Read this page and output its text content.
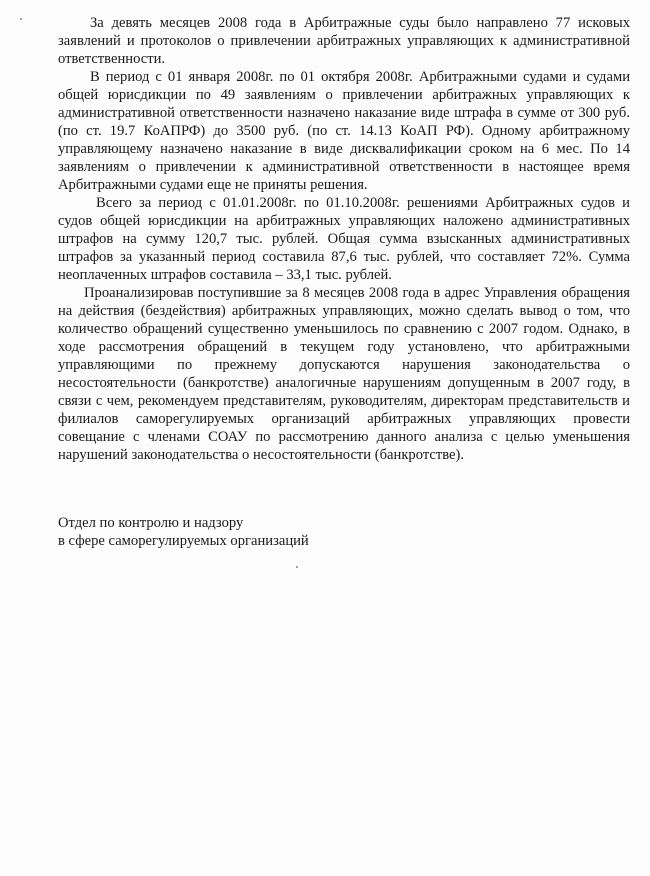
За девять месяцев 2008 года в Арбитражные суды было направлено 77 исковых заявлений и протоколов о привлечении арбитражных управляющих к административной ответственности.

В период с 01 января 2008г. по 01 октября 2008г. Арбитражными судами и судами общей юрисдикции по 49 заявлениям о привлечении арбитражных управляющих к административной ответственности назначено наказание виде штрафа в сумме от 300 руб. (по ст. 19.7 КоАПРФ) до 3500 руб. (по ст. 14.13 КоАП РФ). Одному арбитражному управляющему назначено наказание в виде дисквалификации сроком на 6 мес. По 14 заявлениям о привлечении к административной ответственности в настоящее время Арбитражными судами еще не приняты решения.

Всего за период с 01.01.2008г. по 01.10.2008г. решениями Арбитражных судов и судов общей юрисдикции на арбитражных управляющих наложено административных штрафов на сумму 120,7 тыс. рублей. Общая сумма взысканных административных штрафов за указанный период составила 87,6 тыс. рублей, что составляет 72%. Сумма неоплаченных штрафов составила – 33,1 тыс. рублей.

Проанализировав поступившие за 8 месяцев 2008 года в адрес Управления обращения на действия (бездействия) арбитражных управляющих, можно сделать вывод о том, что количество обращений существенно уменьшилось по сравнению с 2007 годом. Однако, в ходе рассмотрения обращений в текущем году установлено, что арбитражными управляющими по прежнему допускаются нарушения законодательства о несостоятельности (банкротстве) аналогичные нарушениям допущенным в 2007 году, в связи с чем, рекомендуем представителям, руководителям, директорам представительств и филиалов саморегулируемых организаций арбитражных управляющих провести совещание с членами СОАУ по рассмотрению данного анализа с целью уменьшения нарушений законодательства о несостоятельности (банкротстве).

Отдел по контролю и надзору
в сфере саморегулируемых организаций
